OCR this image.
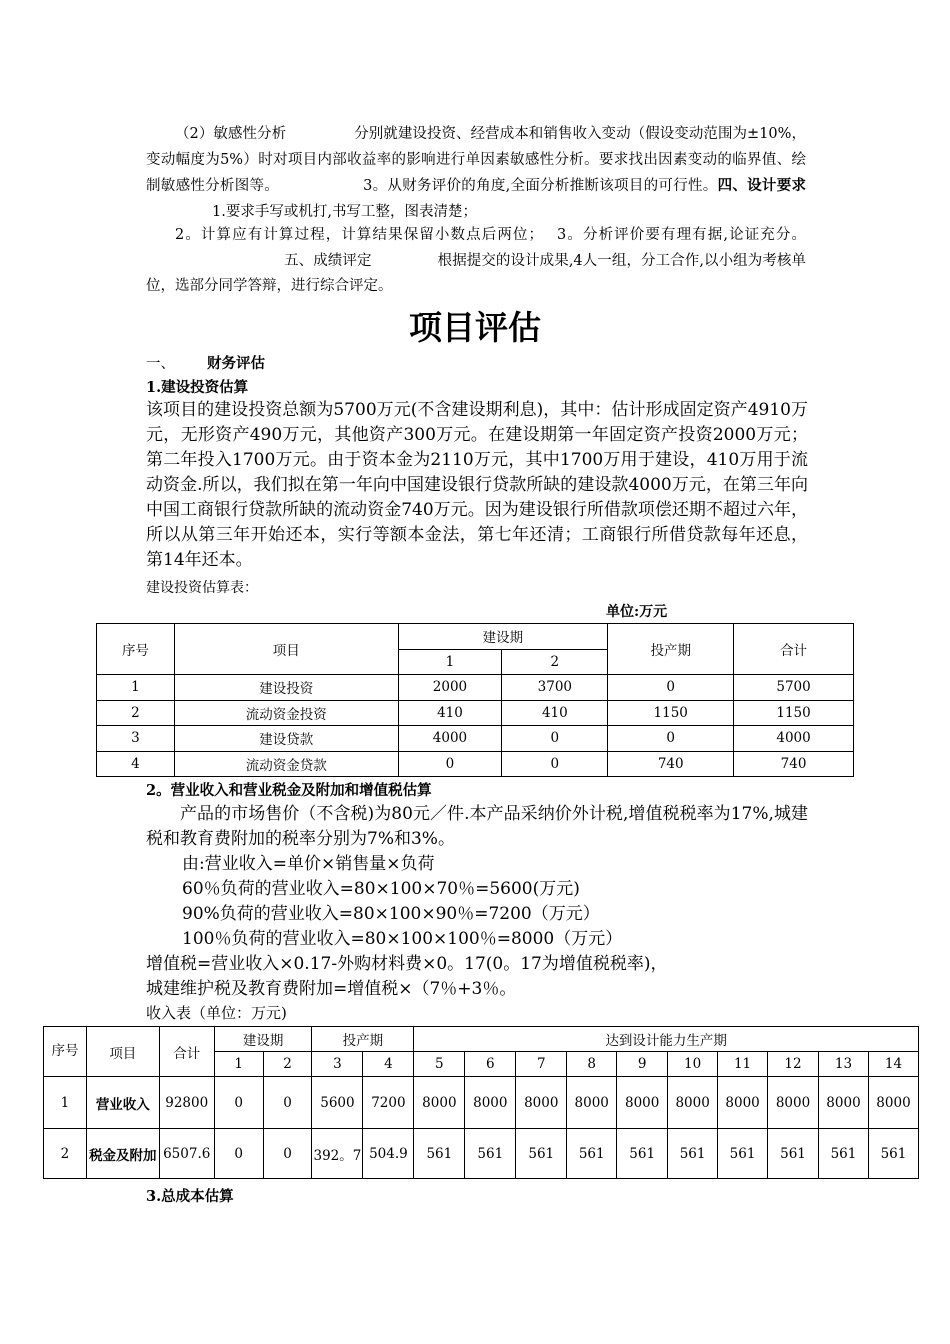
（2）敏感性分析	分别就建设投资、经营成本和销售收入变动（假设变动范围为±10%，变动幅度为5%）时对项目内部收益率的影响进行单因素敏感性分析。要求找出因素变动的临界值、绘制敏感性分析图等。	3。从财务评价的角度,全面分析推断该项目的可行性。四、设计要求1.要求手写或机打,书写工整，图表清楚；
2。计算应有计算过程，计算结果保留小数点后两位； 3。分析评价要有理有据,论证充分。五、成绩评定	根据提交的设计成果,4人一组，分工合作,以小组为考核单位，选部分同学答辩，进行综合评定。
项目评估
一、 财务评估
1.建设投资估算
该项目的建设投资总额为5700万元(不含建设期利息)，其中：估计形成固定资产4910万元，无形资产490万元，其他资产300万元。在建设期第一年固定资产投资2000万元；第二年投入1700万元。由于资本金为2110万元，其中1700万用于建设，410万用于流动资金.所以，我们拟在第一年向中国建设银行贷款所缺的建设款4000万元，在第三年向中国工商银行贷款所缺的流动资金740万元。因为建设银行所借款项偿还期不超过六年，所以从第三年开始还本，实行等额本金法，第七年还清；工商银行所借贷款每年还息，第14年还本。
建设投资估算表：
单位:万元
序号	项目	建设期		投产期	合计
		1	2		
1	建设投资	2000	3700	0	5700
2	流动资金投资	410	410	1150	1150
3	建设贷款	4000	0	0	4000
4	流动资金贷款	0	0	740	740
2。营业收入和营业税金及附加和增值税估算
产品的市场售价（不含税)为80元／件.本产品采纳价外计税,增值税税率为17%,城建税和教育费附加的税率分别为7%和3%。
由:营业收入=单价×销售量×负荷
60％负荷的营业收入=80×100×70％=5600(万元)
90%负荷的营业收入=80×100×90％=7200（万元）
100％负荷的营业收入=80×100×100％=8000（万元）
增值税=营业收入×0.17-外购材料费×0。17(0。17为增值税税率)，
城建维护税及教育费附加=增值税×（7％+3％。
收入表（单位：万元)
序号	项目	合计	建设期		投产期		达到设计能力生产期									
			1	2	3	4	5	6	7	8	9	10	11	12	13	14
1	营业收入	92800	0	0	5600	7200	8000	8000	8000	8000	8000	8000	8000	8000	8000	8000
2	税金及附加	6507.6	0	0	392。7	504.9	561	561	561	561	561	561	561	561	561	561
3.总成本估算
